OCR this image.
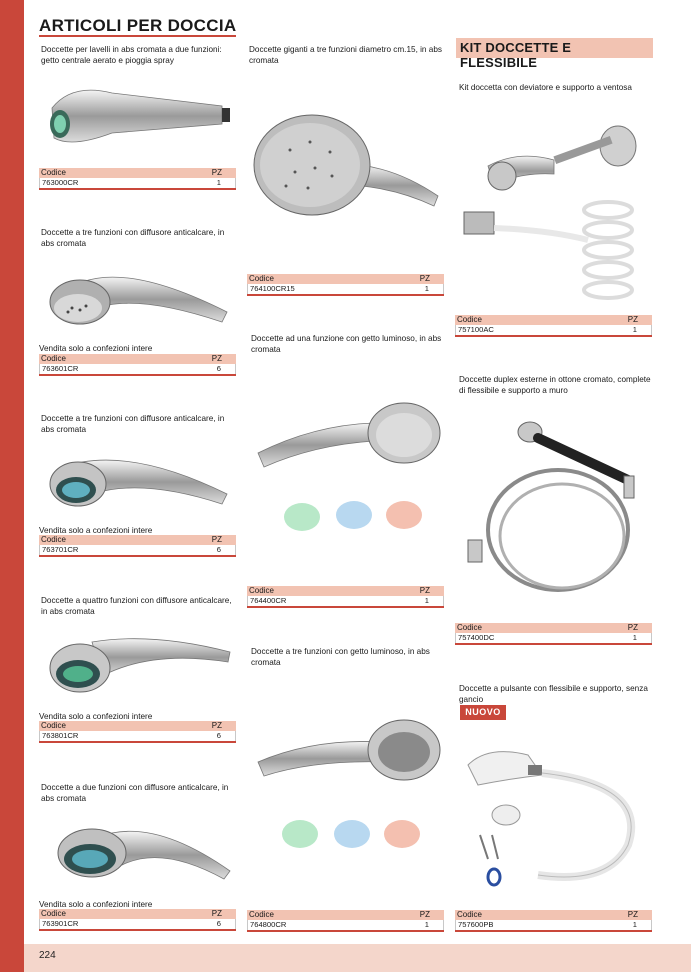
224
ARTICOLI PER DOCCIA
KIT DOCCETTE E FLESSIBILE
Doccette per lavelli in abs cromata a due funzioni: getto centrale aerato e pioggia spray
Codice	PZ
763000CR	1
Doccette a tre funzioni con diffusore anticalcare, in abs cromata
Vendita solo a confezioni intere
Codice	PZ
763601CR	6
Doccette a tre funzioni con diffusore anticalcare, in abs cromata
Vendita solo a confezioni intere
Codice	PZ
763701CR	6
Doccette a quattro funzioni con diffusore anticalcare, in abs cromata
Vendita solo a confezioni intere
Codice	PZ
763801CR	6
Doccette a due funzioni con diffusore anticalcare, in abs cromata
Vendita solo a confezioni intere
Codice	PZ
763901CR	6
Doccette giganti a tre funzioni diametro cm.15, in abs cromata
Codice	PZ
764100CR15	1
Doccette ad una funzione con getto luminoso, in abs cromata
Codice	PZ
764400CR	1
Doccette a tre funzioni con getto luminoso, in abs cromata
Codice	PZ
764800CR	1
Kit doccetta con deviatore e supporto a ventosa
Codice	PZ
757100AC	1
Doccette duplex esterne in ottone cromato, complete di flessibile e supporto a muro
Codice	PZ
757400DC	1
Doccette a pulsante con flessibile e supporto, senza gancio
NUOVO
Codice	PZ
757600PB	1
